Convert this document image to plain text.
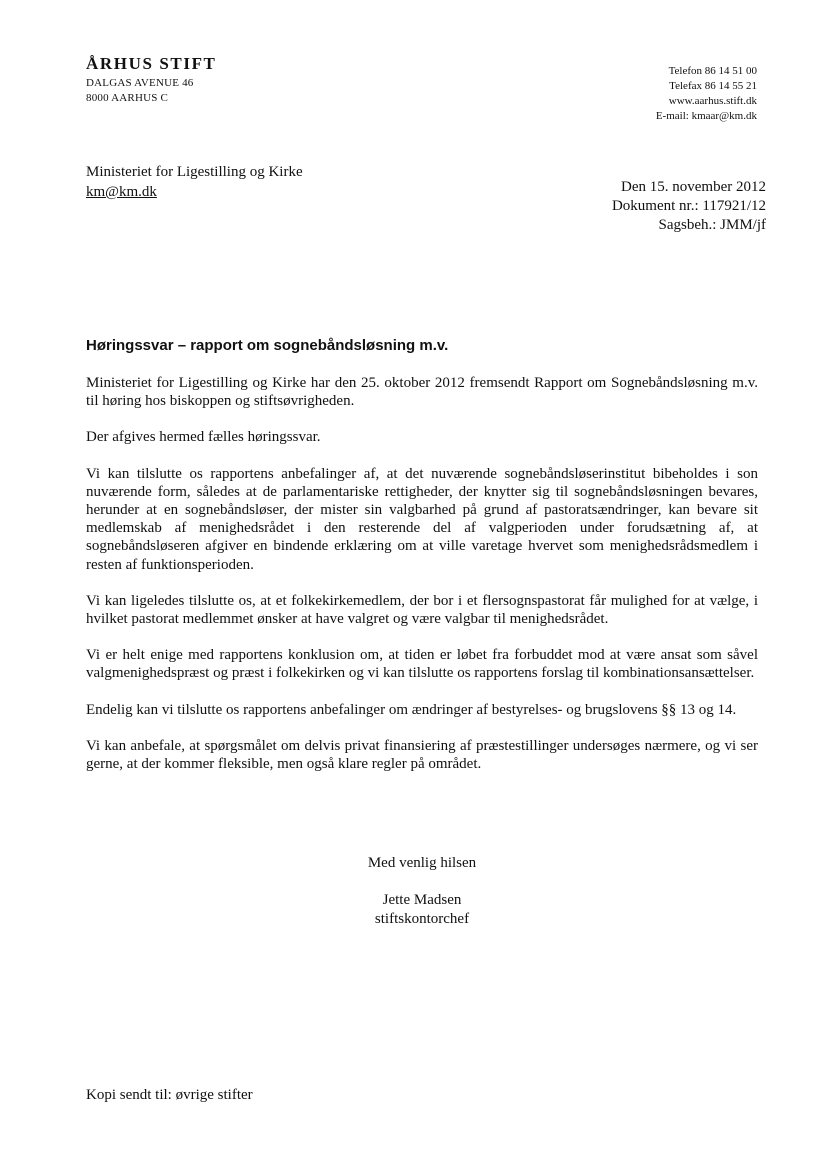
ÅRHUS STIFT
DALGAS AVENUE 46
8000 AARHUS C
Telefon 86 14 51 00
Telefax 86 14 55 21
www.aarhus.stift.dk
E-mail: kmaar@km.dk
Ministeriet for Ligestilling og Kirke
km@km.dk	Den 15. november 2012
Dokument nr.: 117921/12
Sagsbeh.: JMM/jf
Høringssvar – rapport om sognebåndsløsning m.v.

Ministeriet for Ligestilling og Kirke har den 25. oktober 2012 fremsendt Rapport om Sognebåndsløsning m.v. til høring hos biskoppen og stiftsøvrigheden.

Der afgives hermed fælles høringssvar.

Vi kan tilslutte os rapportens anbefalinger af, at det nuværende sognebåndsløserinstitut bibeholdes i son nuværende form, således at de parlamentariske rettigheder, der knytter sig til sognebåndsløsningen bevares, herunder at en sognebåndsløser, der mister sin valgbarhed på grund af pastoratsændringer, kan bevare sit medlemskab af menighedsrådet i den resterende del af valgperioden under forudsætning af, at sognebåndsløseren afgiver en bindende erklæring om at ville varetage hvervet som menighedsrådsmedlem i resten af funktionsperioden.

Vi kan ligeledes tilslutte os, at et folkekirkemedlem, der bor i et flersognspastorat får mulighed for at vælge, i hvilket pastorat medlemmet ønsker at have valgret og være valgbar til menighedsrådet.

Vi er helt enige med rapportens konklusion om, at tiden er løbet fra forbuddet mod at være ansat som såvel valgmenighedspræst og præst i folkekirken og vi kan tilslutte os rapportens forslag til kombinationsansættelser.

Endelig kan vi tilslutte os rapportens anbefalinger om ændringer af bestyrelses- og brugslovens §§ 13 og 14.

Vi kan anbefale, at spørgsmålet om delvis privat finansiering af præstestillinger undersøges nærmere, og vi ser gerne, at der kommer fleksible, men også klare regler på området.

Med venlig hilsen
Jette Madsen
stiftskontorchef
Kopi sendt til: øvrige stifter
